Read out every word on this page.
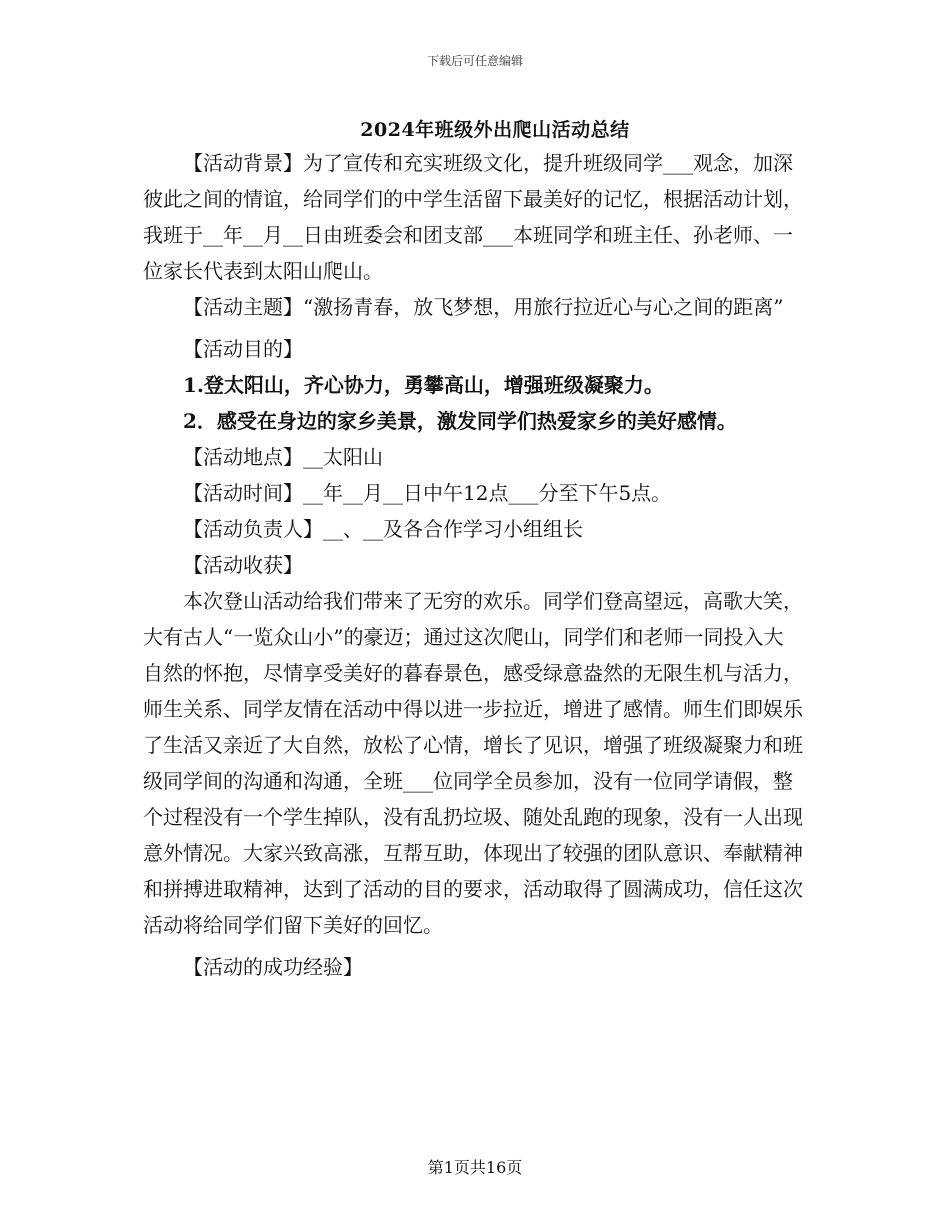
下载后可任意编辑
2024年班级外出爬山活动总结

【活动背景】为了宣传和充实班级文化，提升班级同学___观念，加深彼此之间的情谊，给同学们的中学生活留下最美好的记忆，根据活动计划，我班于__年__月__日由班委会和团支部___本班同学和班主任、孙老师、一位家长代表到太阳山爬山。

【活动主题】“激扬青春，放飞梦想，用旅行拉近心与心之间的距离”

【活动目的】

1.登太阳山，齐心协力，勇攀高山，增强班级凝聚力。

2．感受在身边的家乡美景，激发同学们热爱家乡的美好感情。

【活动地点】__太阳山

【活动时间】__年__月__日中午12点___分至下午5点。

【活动负责人】__、__及各合作学习小组组长

【活动收获】

本次登山活动给我们带来了无穷的欢乐。同学们登高望远，高歌大笑，大有古人“一览众山小”的豪迈；通过这次爬山，同学们和老师一同投入大自然的怀抱，尽情享受美好的暮春景色，感受绿意盎然的无限生机与活力，师生关系、同学友情在活动中得以进一步拉近，增进了感情。师生们即娱乐了生活又亲近了大自然，放松了心情，增长了见识，增强了班级凝聚力和班级同学间的沟通和沟通，全班___位同学全员参加，没有一位同学请假，整个过程没有一个学生掉队，没有乱扔垃圾、随处乱跑的现象，没有一人出现意外情况。大家兴致高涨，互帮互助，体现出了较强的团队意识、奉献精神和拼搏进取精神，达到了活动的目的要求，活动取得了圆满成功，信任这次活动将给同学们留下美好的回忆。

【活动的成功经验】

第1页共16页
